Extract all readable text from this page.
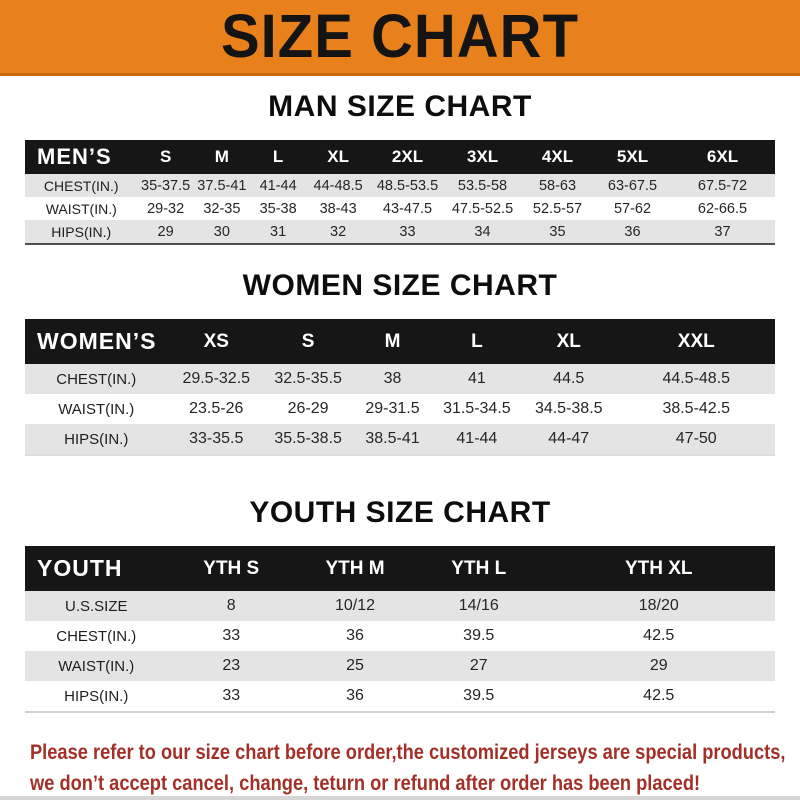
SIZE CHART
MAN SIZE CHART
MEN’S	S	M	L	XL	2XL	3XL	4XL	5XL	6XL
CHEST(IN.)	35-37.5	37.5-41	41-44	44-48.5	48.5-53.5	53.5-58	58-63	63-67.5	67.5-72
WAIST(IN.)	29-32	32-35	35-38	38-43	43-47.5	47.5-52.5	52.5-57	57-62	62-66.5
HIPS(IN.)	29	30	31	32	33	34	35	36	37
WOMEN SIZE CHART
WOMEN’S	XS	S	M	L	XL	XXL
CHEST(IN.)	29.5-32.5	32.5-35.5	38	41	44.5	44.5-48.5
WAIST(IN.)	23.5-26	26-29	29-31.5	31.5-34.5	34.5-38.5	38.5-42.5
HIPS(IN.)	33-35.5	35.5-38.5	38.5-41	41-44	44-47	47-50
YOUTH SIZE CHART
YOUTH	YTH S	YTH M	YTH L	YTH XL
U.S.SIZE	8	10/12	14/16	18/20
CHEST(IN.)	33	36	39.5	42.5
WAIST(IN.)	23	25	27	29
HIPS(IN.)	33	36	39.5	42.5
Please refer to our size chart before order,the customized jerseys are special products,
we don’t accept cancel, change, teturn or refund after order has been placed!
